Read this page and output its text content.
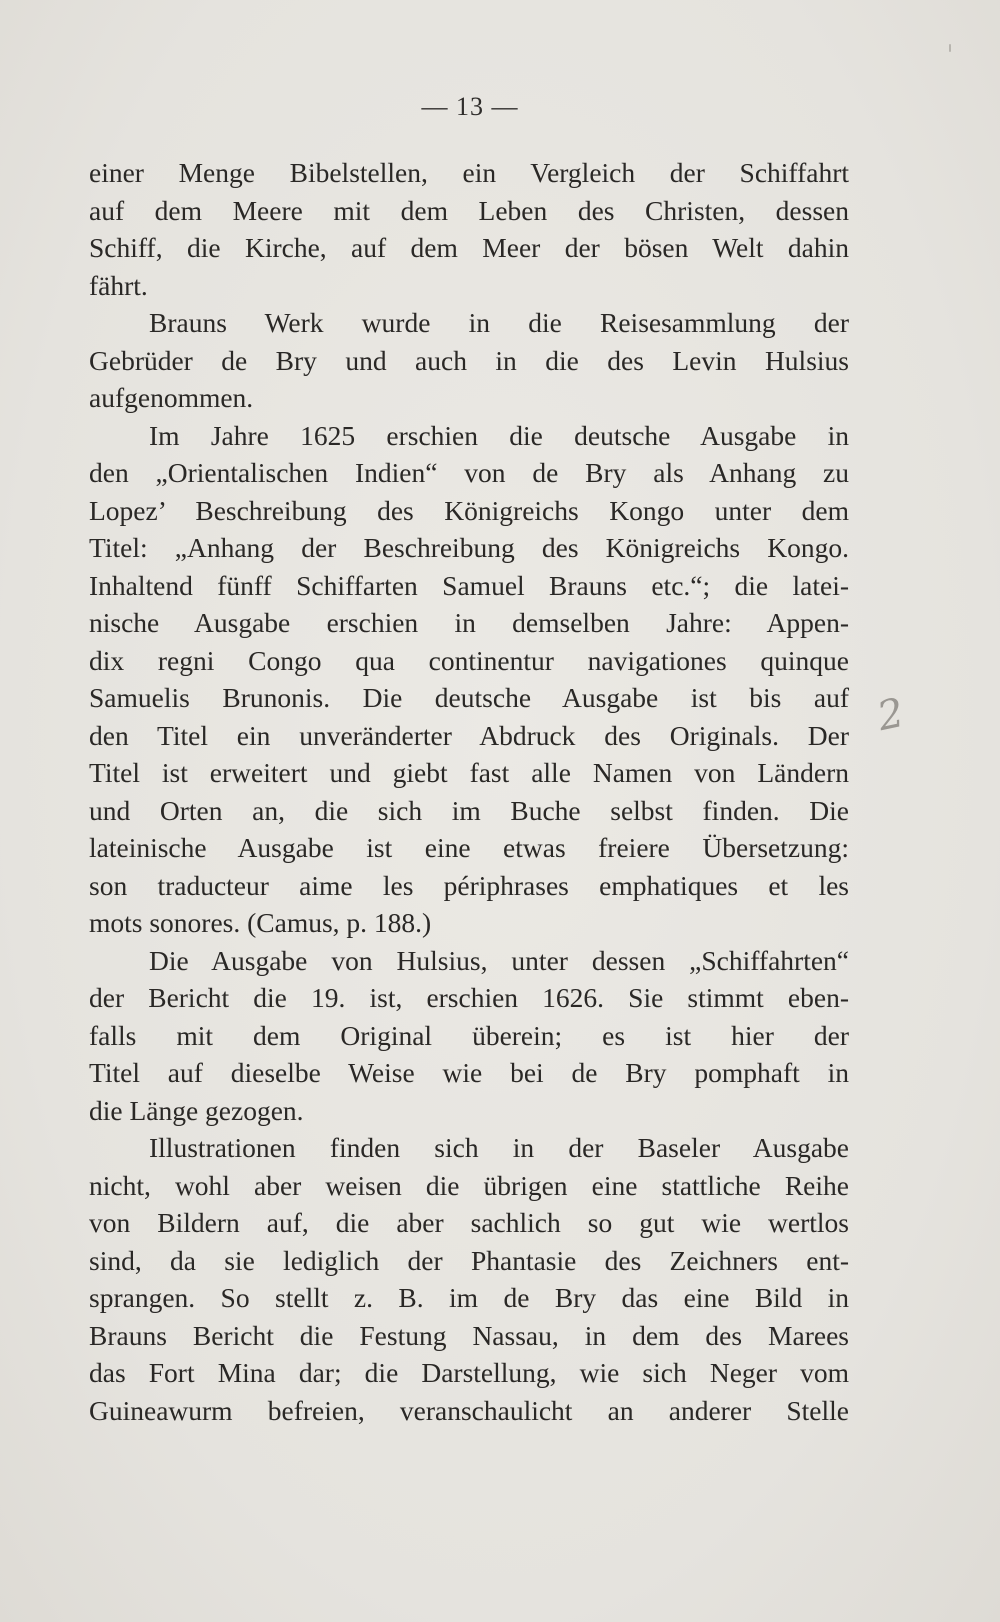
— 13 —
einer Menge Bibelstellen, ein Vergleich der Schiffahrt
auf dem Meere mit dem Leben des Christen, dessen
Schiff, die Kirche, auf dem Meer der bösen Welt dahin
fährt.
Brauns Werk wurde in die Reisesammlung der
Gebrüder de Bry und auch in die des Levin Hulsius
aufgenommen.
Im Jahre 1625 erschien die deutsche Ausgabe in
den „Orientalischen Indien“ von de Bry als Anhang zu
Lopez’ Beschreibung des Königreichs Kongo unter dem
Titel: „Anhang der Beschreibung des Königreichs Kongo.
Inhaltend fünff Schiffarten Samuel Brauns etc.“; die latei-
nische Ausgabe erschien in demselben Jahre: Appen-
dix regni Congo qua continentur navigationes quinque
Samuelis Brunonis. Die deutsche Ausgabe ist bis auf
den Titel ein unveränderter Abdruck des Originals. Der
Titel ist erweitert und giebt fast alle Namen von Ländern
und Orten an, die sich im Buche selbst finden. Die
lateinische Ausgabe ist eine etwas freiere Übersetzung:
son traducteur aime les périphrases emphatiques et les
mots sonores. (Camus, p. 188.)
Die Ausgabe von Hulsius, unter dessen „Schiffahrten“
der Bericht die 19. ist, erschien 1626. Sie stimmt eben-
falls mit dem Original überein; es ist hier der
Titel auf dieselbe Weise wie bei de Bry pomphaft in
die Länge gezogen.
Illustrationen finden sich in der Baseler Ausgabe
nicht, wohl aber weisen die übrigen eine stattliche Reihe
von Bildern auf, die aber sachlich so gut wie wertlos
sind, da sie lediglich der Phantasie des Zeichners ent-
sprangen. So stellt z. B. im de Bry das eine Bild in
Brauns Bericht die Festung Nassau, in dem des Marees
das Fort Mina dar; die Darstellung, wie sich Neger vom
Guineawurm befreien, veranschaulicht an anderer Stelle
2
